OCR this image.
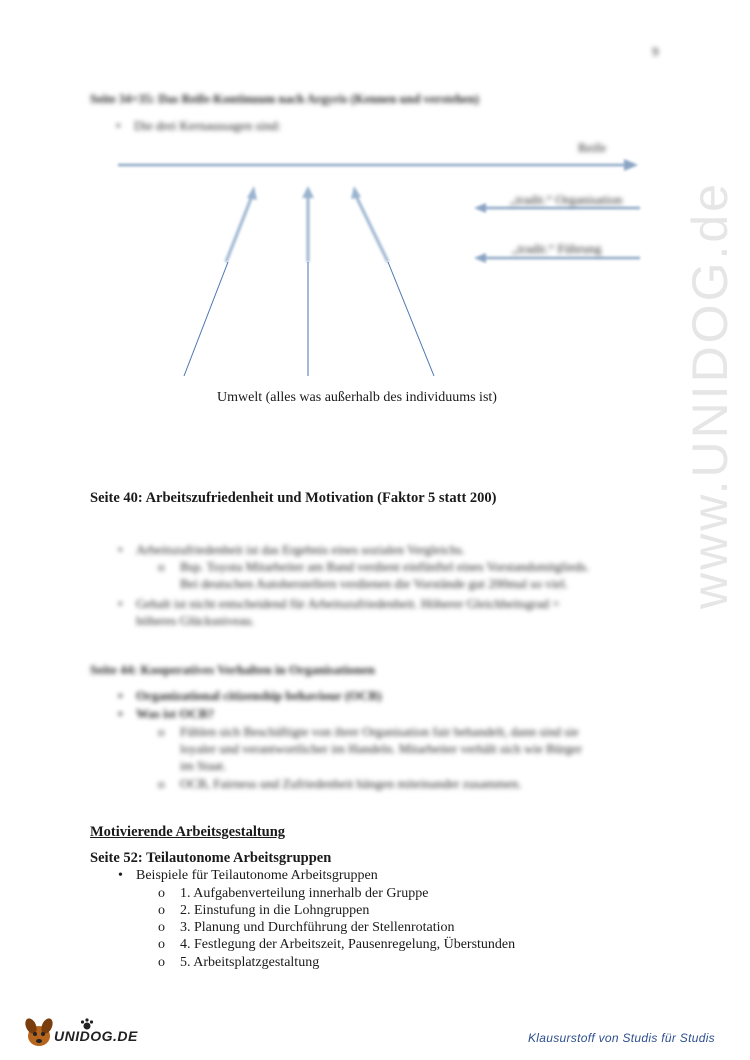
9
Seite 34+35: Das Reife-Kontinuum nach Argyris (Kennen und verstehen)
• Die drei Kernaussagen sind:
Reife
„tradit.“ Organisation
„tradit.“ Führung
Umwelt (alles was außerhalb des individuums ist)
Seite 40: Arbeitszufriedenheit und Motivation (Faktor 5 statt 200)
• Arbeitszufriedenheit ist das Ergebnis eines sozialen Vergleichs.
o Bsp. Toyota Mitarbeiter am Band verdient einfünftel eines Vorstandsmitglieds.
Bei deutschen Autoherstellern verdienen die Vorstände gut 200mal so viel.
• Gehalt ist nicht entscheidend für Arbeitszufriedenheit. Höherer Gleichheitsgrad =
höheres Glücksniveau.
Seite 44: Kooperatives Verhalten in Organisationen
• Organizational citizenship behaviour (OCB)
• Was ist OCB?
o Fühlen sich Beschäftigte von ihrer Organisation fair behandelt, dann sind sie
loyaler und verantwortlicher im Handeln. Mitarbeiter verhält sich wie Bürger
im Staat.
o OCB, Fairness und Zufriedenheit hängen miteinander zusammen.
Motivierende Arbeitsgestaltung
Seite 52: Teilautonome Arbeitsgruppen
• Beispiele für Teilautonome Arbeitsgruppen
o 1. Aufgabenverteilung innerhalb der Gruppe
o 2. Einstufung in die Lohngruppen
o 3. Planung und Durchführung der Stellenrotation
o 4. Festlegung der Arbeitszeit, Pausenregelung, Überstunden
o 5. Arbeitsplatzgestaltung
www.UNIDOG.de
UNIDOG.DE	Klausurstoff von Studis für Studis
